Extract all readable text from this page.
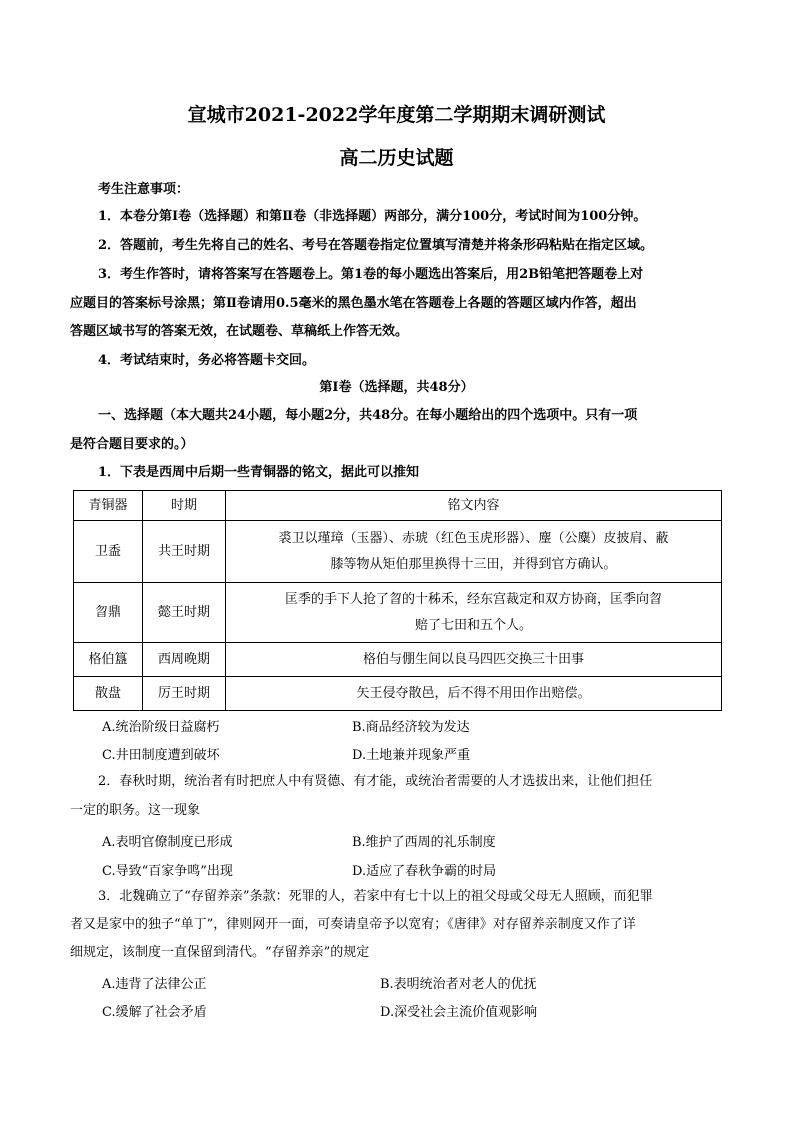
宣城市2021-2022学年度第二学期期末调研测试
高二历史试题
考生注意事项：
1．本卷分第Ⅰ卷（选择题）和第Ⅱ卷（非选择题）两部分，满分100分，考试时间为100分钟。
2．答题前，考生先将自己的姓名、考号在答题卷指定位置填写清楚并将条形码粘贴在指定区域。
3．考生作答时，请将答案写在答题卷上。第1卷的每小题选出答案后，用2B铅笔把答题卷上对
应题目的答案标号涂黑；第Ⅱ卷请用0.5毫米的黑色墨水笔在答题卷上各题的答题区域内作答，超出
答题区域书写的答案无效，在试题卷、草稿纸上作答无效。
4．考试结束时，务必将答题卡交回。
第Ⅰ卷（选择题，共48分）
一、选择题（本大题共24小题，每小题2分，共48分。在每小题给出的四个选项中。只有一项
是符合题目要求的。）
1．下表是西周中后期一些青铜器的铭文，据此可以推知
青铜器	时期	铭文内容
卫盉	共王时期	裘卫以瑾璋（玉器）、赤琥（红色玉虎形器）、麈（公麋）皮披肩、蔽
膝等物从矩伯那里换得十三田，并得到官方确认。

曶鼎	懿王时期	匡季的手下人抢了曶的十秭禾，经东宫裁定和双方协商，匡季向曶
赔了七田和五个人。

格伯簋	西周晚期	格伯与倗生间以良马四匹交换三十田事
散盘	厉王时期	矢王侵夺散邑，后不得不用田作出赔偿。
A.统治阶级日益腐朽	B.商品经济较为发达
C.井田制度遭到破坏	D.土地兼并现象严重
2．春秋时期，统治者有时把庶人中有贤德、有才能，或统治者需要的人才选拔出来，让他们担任
一定的职务。这一现象
A.表明官僚制度已形成	B.维护了西周的礼乐制度
C.导致“百家争鸣”出现	D.适应了春秋争霸的时局
3．北魏确立了“存留养亲”条款：死罪的人，若家中有七十以上的祖父母或父母无人照顾，而犯罪
者又是家中的独子“单丁”，律则网开一面，可奏请皇帝予以宽宥；《唐律》对存留养亲制度又作了详
细规定，该制度一直保留到清代。“存留养亲”的规定
A.违背了法律公正	B.表明统治者对老人的优抚
C.缓解了社会矛盾	D.深受社会主流价值观影响
